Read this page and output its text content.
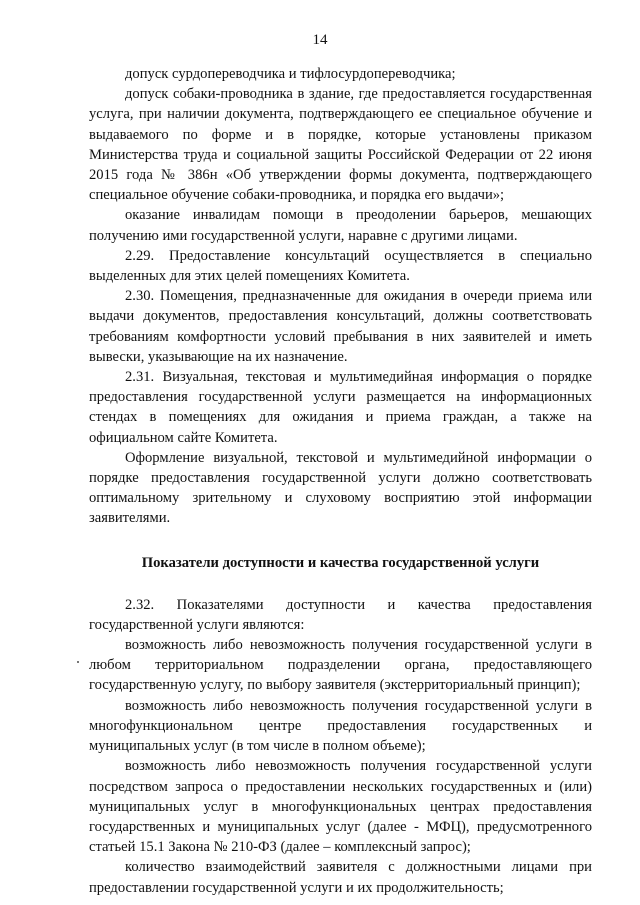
14

допуск сурдопереводчика и тифлосурдопереводчика;

допуск собаки-проводника в здание, где предоставляется государственная услуга, при наличии документа, подтверждающего ее специальное обучение и выдаваемого по форме и в порядке, которые установлены приказом Министерства труда и социальной защиты Российской Федерации от 22 июня 2015 года № 386н «Об утверждении формы документа, подтверждающего специальное обучение собаки-проводника, и порядка его выдачи»;

оказание инвалидам помощи в преодолении барьеров, мешающих получению ими государственной услуги, наравне с другими лицами.

2.29. Предоставление консультаций осуществляется в специально выделенных для этих целей помещениях Комитета.

2.30. Помещения, предназначенные для ожидания в очереди приема или выдачи документов, предоставления консультаций, должны соответствовать требованиям комфортности условий пребывания в них заявителей и иметь вывески, указывающие на их назначение.

2.31. Визуальная, текстовая и мультимедийная информация о порядке предоставления государственной услуги размещается на информационных стендах в помещениях для ожидания и приема граждан, а также на официальном сайте Комитета.

Оформление визуальной, текстовой и мультимедийной информации о порядке предоставления государственной услуги должно соответствовать оптимальному зрительному и слуховому восприятию этой информации заявителями.

Показатели доступности и качества государственной услуги

2.32. Показателями доступности и качества предоставления государственной услуги являются:

возможность либо невозможность получения государственной услуги в любом территориальном подразделении органа, предоставляющего государственную услугу, по выбору заявителя (экстерриториальный принцип);

возможность либо невозможность получения государственной услуги в многофункциональном центре предоставления государственных и муниципальных услуг (в том числе в полном объеме);

возможность либо невозможность получения государственной услуги посредством запроса о предоставлении нескольких государственных и (или) муниципальных услуг в многофункциональных центрах предоставления государственных и муниципальных услуг (далее - МФЦ), предусмотренного статьей 15.1 Закона № 210-ФЗ (далее – комплексный запрос);

количество взаимодействий заявителя с должностными лицами при предоставлении государственной услуги и их продолжительность;
